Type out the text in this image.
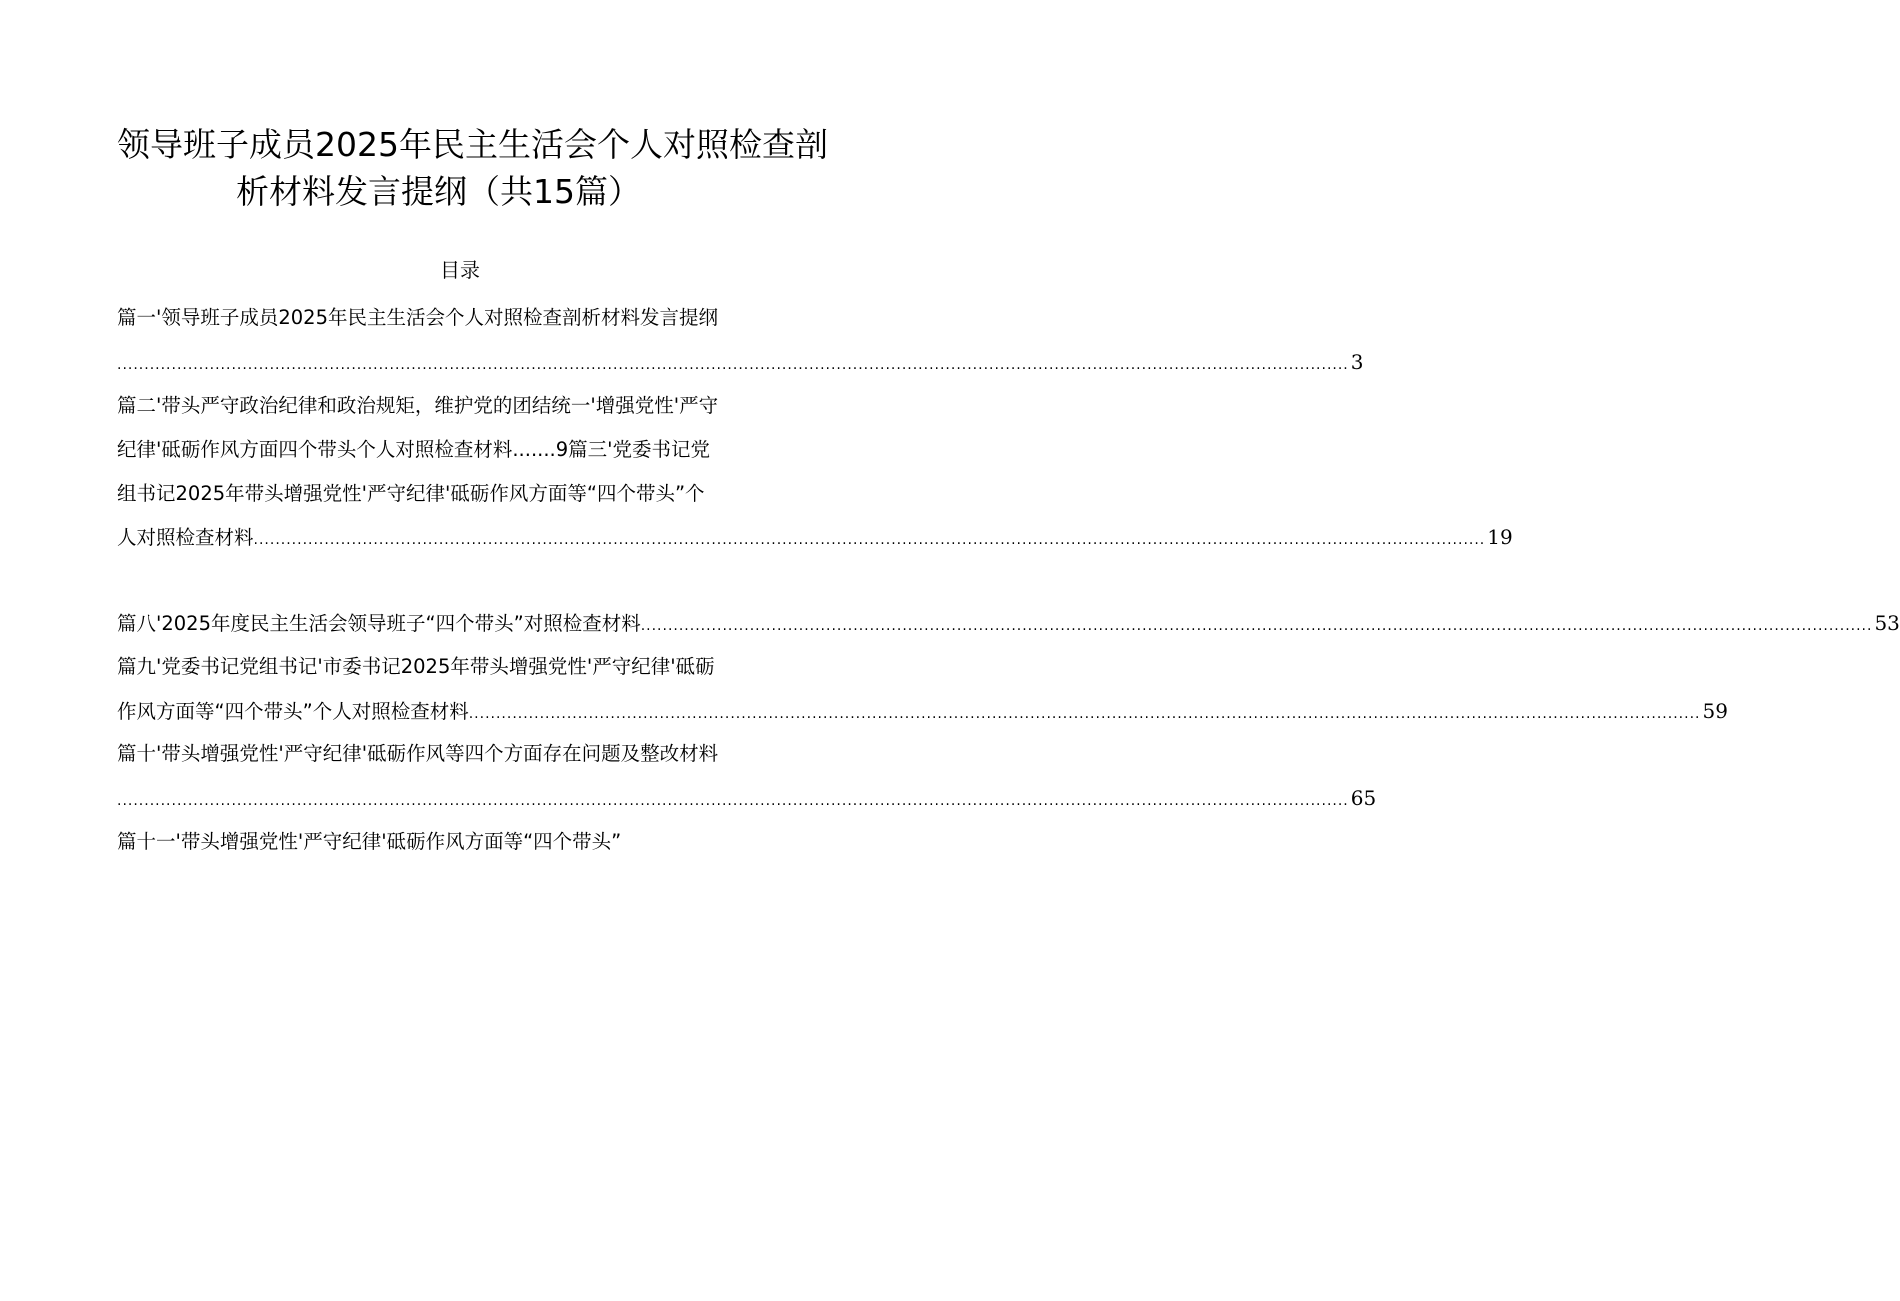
领导班子成员2025年民主生活会个人对照检查剖
析材料发言提纲（共15篇）
目录
篇一'领导班子成员2025年民主生活会个人对照检查剖析材料发言提纲
.................................................................................................................................................................................................................................. 3
篇二'带头严守政治纪律和政治规矩，维护党的团结统一'增强党性'严守
纪律'砥砺作风方面四个带头个人对照检查材料.......9篇三'党委书记党
组书记2025年带头增强党性'严守纪律'砥砺作风方面等“四个带头”个
人对照检查材料 .................................................................................................................................................................................................................................. 19
篇八'2025年度民主生活会领导班子“四个带头”对照检查材料 .................................................................................................................................................................................................................................. 53
篇九'党委书记党组书记'市委书记2025年带头增强党性'严守纪律'砥砺
作风方面等“四个带头”个人对照检查材料 .................................................................................................................................................................................................................................. 59
篇十'带头增强党性'严守纪律'砥砺作风等四个方面存在问题及整改材料
.................................................................................................................................................................................................................................. 65
篇十一'带头增强党性'严守纪律'砥砺作风方面等“四个带头”
